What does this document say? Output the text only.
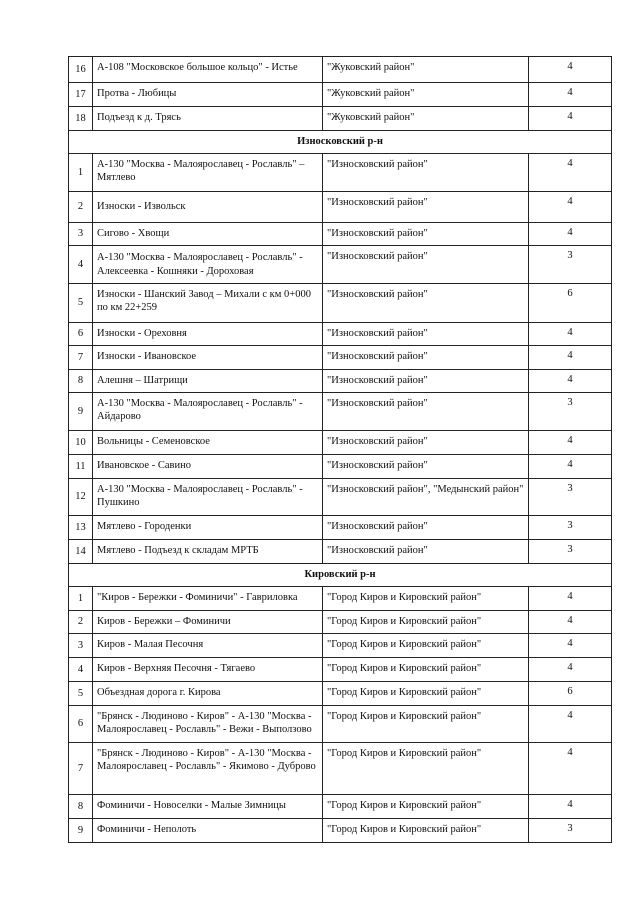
16	А-108 "Московское большое кольцо" - Истье	"Жуковский район"	4
17	Протва - Любицы	"Жуковский район"	4
18	Подъезд к д. Трясь	"Жуковский район"	4
Износковский р-н			
1	А-130 "Москва - Малоярославец - Рославль" – Мятлево	"Износковский район"	4
2	Износки - Извольск	"Износковский район"	4
3	Сигово - Хвощи	"Износковский район"	4
4	А-130 "Москва - Малоярославец - Рославль" - Алексеевка - Кошняки - Дороховая	"Износковский район"	3
5	Износки - Шанский Завод – Михали с км 0+000 по км 22+259	"Износковский район"	6
6	Износки - Ореховня	"Износковский район"	4
7	Износки - Ивановское	"Износковский район"	4
8	Алешня – Шатрищи	"Износковский район"	4
9	А-130 "Москва - Малоярославец - Рославль" - Айдарово	"Износковский район"	3
10	Вольницы - Семеновское	"Износковский район"	4
11	Ивановское - Савино	"Износковский район"	4
12	А-130 "Москва - Малоярославец - Рославль" - Пушкино	"Износковский район", "Медынский район"	3
13	Мятлево - Городенки	"Износковский район"	3
14	Мятлево - Подъезд к складам МРТБ	"Износковский район"	3
Кировский р-н			
1	"Киров - Бережки - Фоминичи" - Гавриловка	"Город Киров и Кировский район"	4
2	Киров - Бережки – Фоминичи	"Город Киров и Кировский район"	4
3	Киров - Малая Песочня	"Город Киров и Кировский район"	4
4	Киров - Верхняя Песочня - Тягаево	"Город Киров и Кировский район"	4
5	Объездная дорога г. Кирова	"Город Киров и Кировский район"	6
6	"Брянск - Людиново - Киров" - А-130 "Москва - Малоярославец - Рославль" - Вежи - Выползово	"Город Киров и Кировский район"	4
7	"Брянск - Людиново - Киров" - А-130 "Москва - Малоярославец - Рославль" - Якимово - Дуброво	"Город Киров и Кировский район"	4
8	Фоминичи - Новоселки - Малые Зимницы	"Город Киров и Кировский район"	4
9	Фоминичи - Неполоть	"Город Киров и Кировский район"	3
